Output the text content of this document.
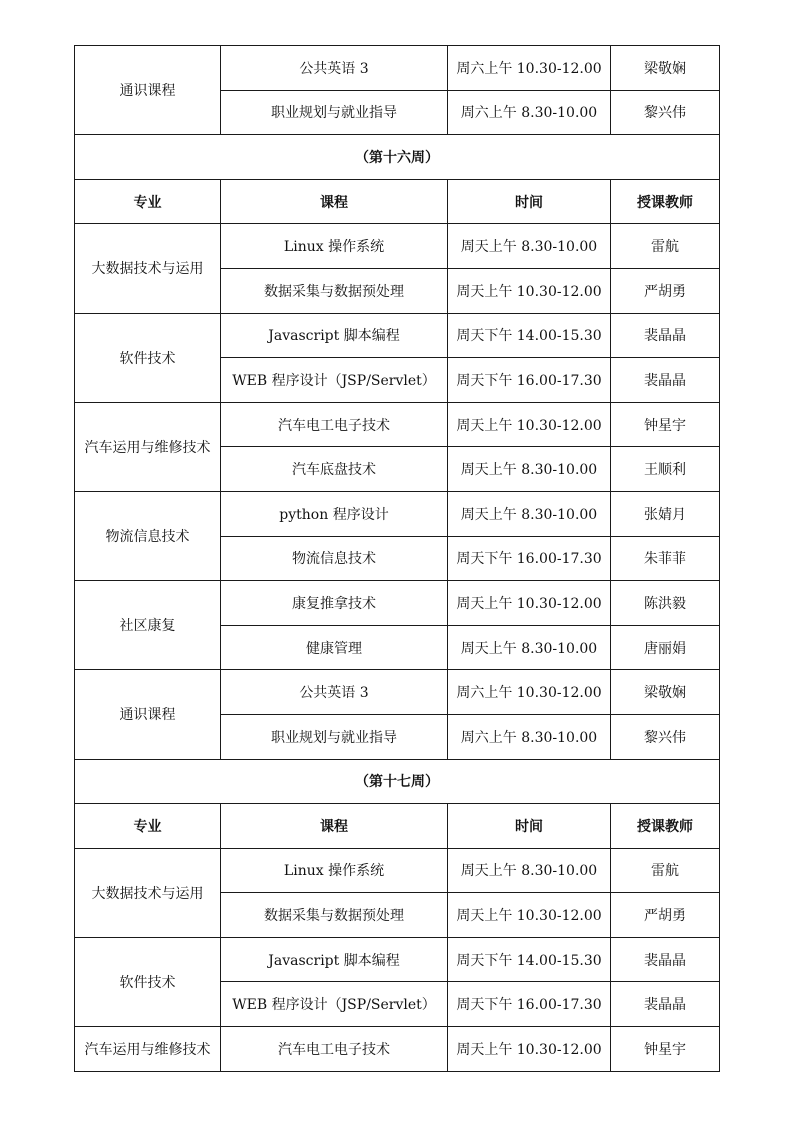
通识课程	公共英语 3	周六上午 10.30-12.00	梁敬娴
	职业规划与就业指导	周六上午 8.30-10.00	黎兴伟
（第十六周）			
专业	课程	时间	授课教师
大数据技术与运用	Linux 操作系统	周天上午 8.30-10.00	雷航
	数据采集与数据预处理	周天上午 10.30-12.00	严胡勇
软件技术	Javascript 脚本编程	周天下午 14.00-15.30	裴晶晶
	WEB 程序设计（JSP/Servlet）	周天下午 16.00-17.30	裴晶晶
汽车运用与维修技术	汽车电工电子技术	周天上午 10.30-12.00	钟星宇
	汽车底盘技术	周天上午 8.30-10.00	王顺利
物流信息技术	python 程序设计	周天上午 8.30-10.00	张婧月
	物流信息技术	周天下午 16.00-17.30	朱菲菲
社区康复	康复推拿技术	周天上午 10.30-12.00	陈洪毅
	健康管理	周天上午 8.30-10.00	唐丽娟
通识课程	公共英语 3	周六上午 10.30-12.00	梁敬娴
	职业规划与就业指导	周六上午 8.30-10.00	黎兴伟
（第十七周）			
专业	课程	时间	授课教师
大数据技术与运用	Linux 操作系统	周天上午 8.30-10.00	雷航
	数据采集与数据预处理	周天上午 10.30-12.00	严胡勇
软件技术	Javascript 脚本编程	周天下午 14.00-15.30	裴晶晶
	WEB 程序设计（JSP/Servlet）	周天下午 16.00-17.30	裴晶晶
汽车运用与维修技术	汽车电工电子技术	周天上午 10.30-12.00	钟星宇
